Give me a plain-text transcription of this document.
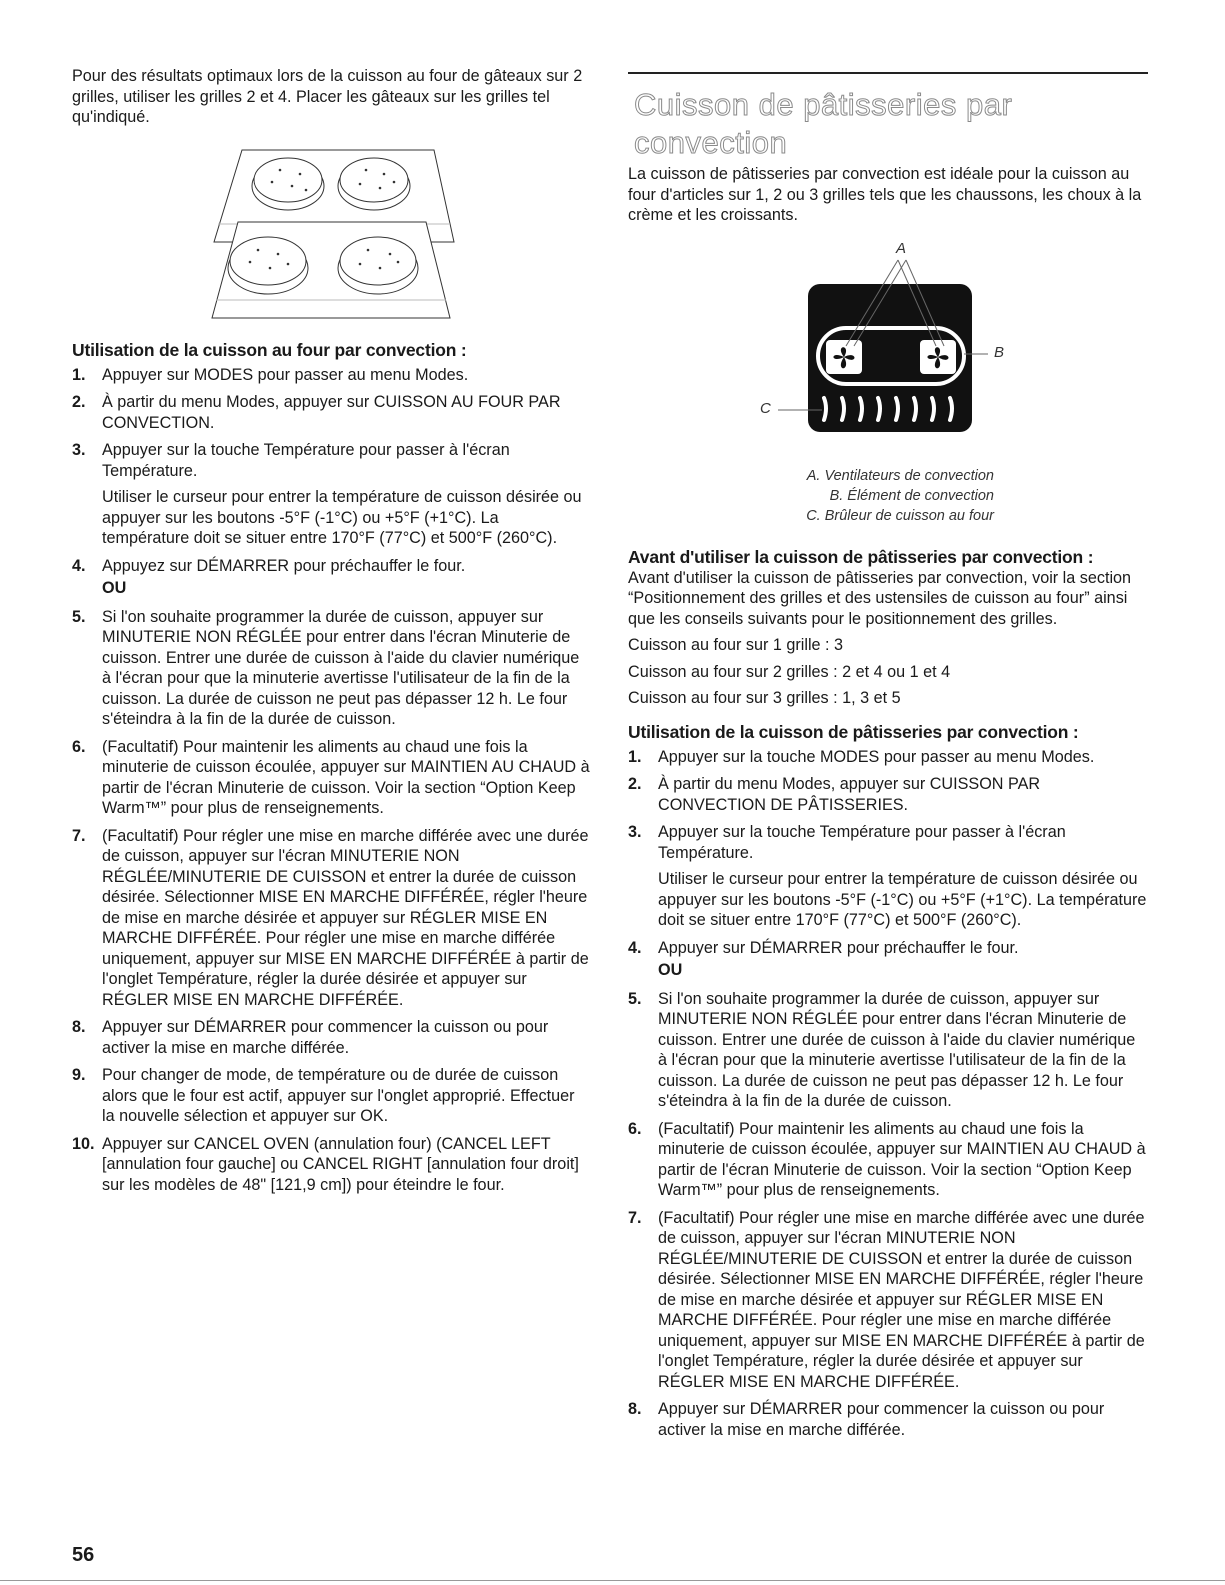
Pour des résultats optimaux lors de la cuisson au four de gâteaux sur 2 grilles, utiliser les grilles 2 et 4. Placer les gâteaux sur les grilles tel qu'indiqué.

Utilisation de la cuisson au four par convection :
1. Appuyer sur MODES pour passer au menu Modes.
2. À partir du menu Modes, appuyer sur CUISSON AU FOUR PAR CONVECTION.
3. Appuyer sur la touche Température pour passer à l'écran Température.
Utiliser le curseur pour entrer la température de cuisson désirée ou appuyer sur les boutons -5°F (-1°C) ou +5°F (+1°C). La température doit se situer entre 170°F (77°C) et 500°F (260°C).
4. Appuyez sur DÉMARRER pour préchauffer le four.
OU
5. Si l'on souhaite programmer la durée de cuisson, appuyer sur MINUTERIE NON RÉGLÉE pour entrer dans l'écran Minuterie de cuisson. Entrer une durée de cuisson à l'aide du clavier numérique à l'écran pour que la minuterie avertisse l'utilisateur de la fin de la cuisson. La durée de cuisson ne peut pas dépasser 12 h. Le four s'éteindra à la fin de la durée de cuisson.
6. (Facultatif) Pour maintenir les aliments au chaud une fois la minuterie de cuisson écoulée, appuyer sur MAINTIEN AU CHAUD à partir de l'écran Minuterie de cuisson. Voir la section “Option Keep Warm™” pour plus de renseignements.
7. (Facultatif) Pour régler une mise en marche différée avec une durée de cuisson, appuyer sur l'écran MINUTERIE NON RÉGLÉE/MINUTERIE DE CUISSON et entrer la durée de cuisson désirée. Sélectionner MISE EN MARCHE DIFFÉRÉE, régler l'heure de mise en marche désirée et appuyer sur RÉGLER MISE EN MARCHE DIFFÉRÉE. Pour régler une mise en marche différée uniquement, appuyer sur MISE EN MARCHE DIFFÉRÉE à partir de l'onglet Température, régler la durée désirée et appuyer sur RÉGLER MISE EN MARCHE DIFFÉRÉE.
8. Appuyer sur DÉMARRER pour commencer la cuisson ou pour activer la mise en marche différée.
9. Pour changer de mode, de température ou de durée de cuisson alors que le four est actif, appuyer sur l'onglet approprié. Effectuer la nouvelle sélection et appuyer sur OK.
10. Appuyer sur CANCEL OVEN (annulation four) (CANCEL LEFT [annulation four gauche] ou CANCEL RIGHT [annulation four droit] sur les modèles de 48" [121,9 cm]) pour éteindre le four.
Cuisson de pâtisseries par convection

La cuisson de pâtisseries par convection est idéale pour la cuisson au four d'articles sur 1, 2 ou 3 grilles tels que les chaussons, les choux à la crème et les croissants.

A
B
C
A. Ventilateurs de convection
B. Élément de convection
C. Brûleur de cuisson au four
Avant d'utiliser la cuisson de pâtisseries par convection :

Avant d'utiliser la cuisson de pâtisseries par convection, voir la section “Positionnement des grilles et des ustensiles de cuisson au four” ainsi que les conseils suivants pour le positionnement des grilles.

Cuisson au four sur 1 grille : 3

Cuisson au four sur 2 grilles : 2 et 4 ou 1 et 4

Cuisson au four sur 3 grilles : 1, 3 et 5

Utilisation de la cuisson de pâtisseries par convection :
1. Appuyer sur la touche MODES pour passer au menu Modes.
2. À partir du menu Modes, appuyer sur CUISSON PAR CONVECTION DE PÂTISSERIES.
3. Appuyer sur la touche Température pour passer à l'écran Température.
Utiliser le curseur pour entrer la température de cuisson désirée ou appuyer sur les boutons -5°F (-1°C) ou +5°F (+1°C). La température doit se situer entre 170°F (77°C) et 500°F (260°C).
4. Appuyer sur DÉMARRER pour préchauffer le four.
OU
5. Si l'on souhaite programmer la durée de cuisson, appuyer sur MINUTERIE NON RÉGLÉE pour entrer dans l'écran Minuterie de cuisson. Entrer une durée de cuisson à l'aide du clavier numérique à l'écran pour que la minuterie avertisse l'utilisateur de la fin de la cuisson. La durée de cuisson ne peut pas dépasser 12 h. Le four s'éteindra à la fin de la durée de cuisson.
6. (Facultatif) Pour maintenir les aliments au chaud une fois la minuterie de cuisson écoulée, appuyer sur MAINTIEN AU CHAUD à partir de l'écran Minuterie de cuisson. Voir la section “Option Keep Warm™” pour plus de renseignements.
7. (Facultatif) Pour régler une mise en marche différée avec une durée de cuisson, appuyer sur l'écran MINUTERIE NON RÉGLÉE/MINUTERIE DE CUISSON et entrer la durée de cuisson désirée. Sélectionner MISE EN MARCHE DIFFÉRÉE, régler l'heure de mise en marche désirée et appuyer sur RÉGLER MISE EN MARCHE DIFFÉRÉE. Pour régler une mise en marche différée uniquement, appuyer sur MISE EN MARCHE DIFFÉRÉE à partir de l'onglet Température, régler la durée désirée et appuyer sur RÉGLER MISE EN MARCHE DIFFÉRÉE.
8. Appuyer sur DÉMARRER pour commencer la cuisson ou pour activer la mise en marche différée.
56
